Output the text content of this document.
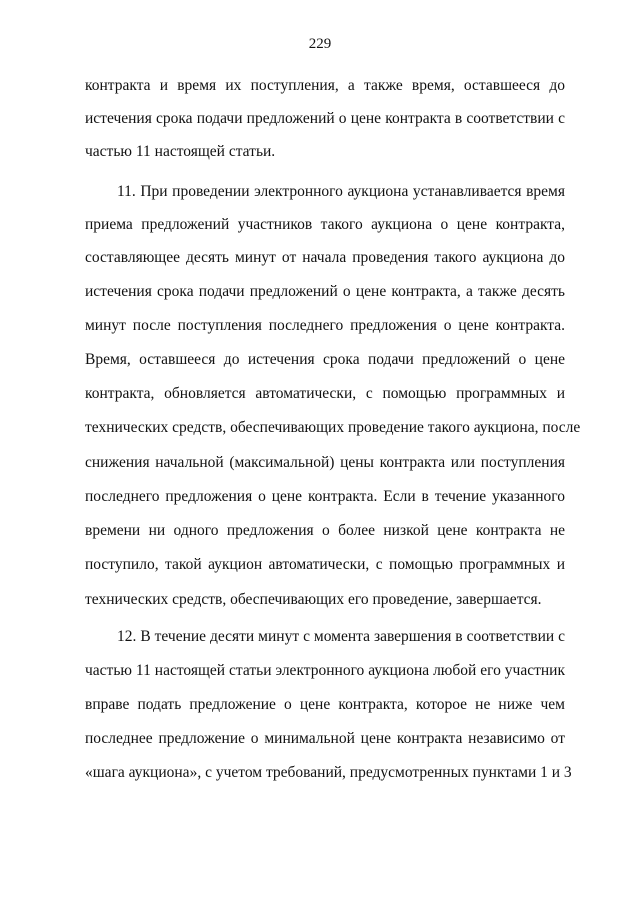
229
контракта и время их поступления, а также время, оставшееся до
истечения срока подачи предложений о цене контракта в соответствии с
частью 11 настоящей статьи.
11. При проведении электронного аукциона устанавливается время
приема предложений участников такого аукциона о цене контракта,
составляющее десять минут от начала проведения такого аукциона до
истечения срока подачи предложений о цене контракта, а также десять
минут после поступления последнего предложения о цене контракта.
Время, оставшееся до истечения срока подачи предложений о цене
контракта, обновляется автоматически, с помощью программных и
технических средств, обеспечивающих проведение такого аукциона, после
снижения начальной (максимальной) цены контракта или поступления
последнего предложения о цене контракта. Если в течение указанного
времени ни одного предложения о более низкой цене контракта не
поступило, такой аукцион автоматически, с помощью программных и
технических средств, обеспечивающих его проведение, завершается.
12. В течение десяти минут с момента завершения в соответствии с
частью 11 настоящей статьи электронного аукциона любой его участник
вправе подать предложение о цене контракта, которое не ниже чем
последнее предложение о минимальной цене контракта независимо от
«шага аукциона», с учетом требований, предусмотренных пунктами 1 и 3
